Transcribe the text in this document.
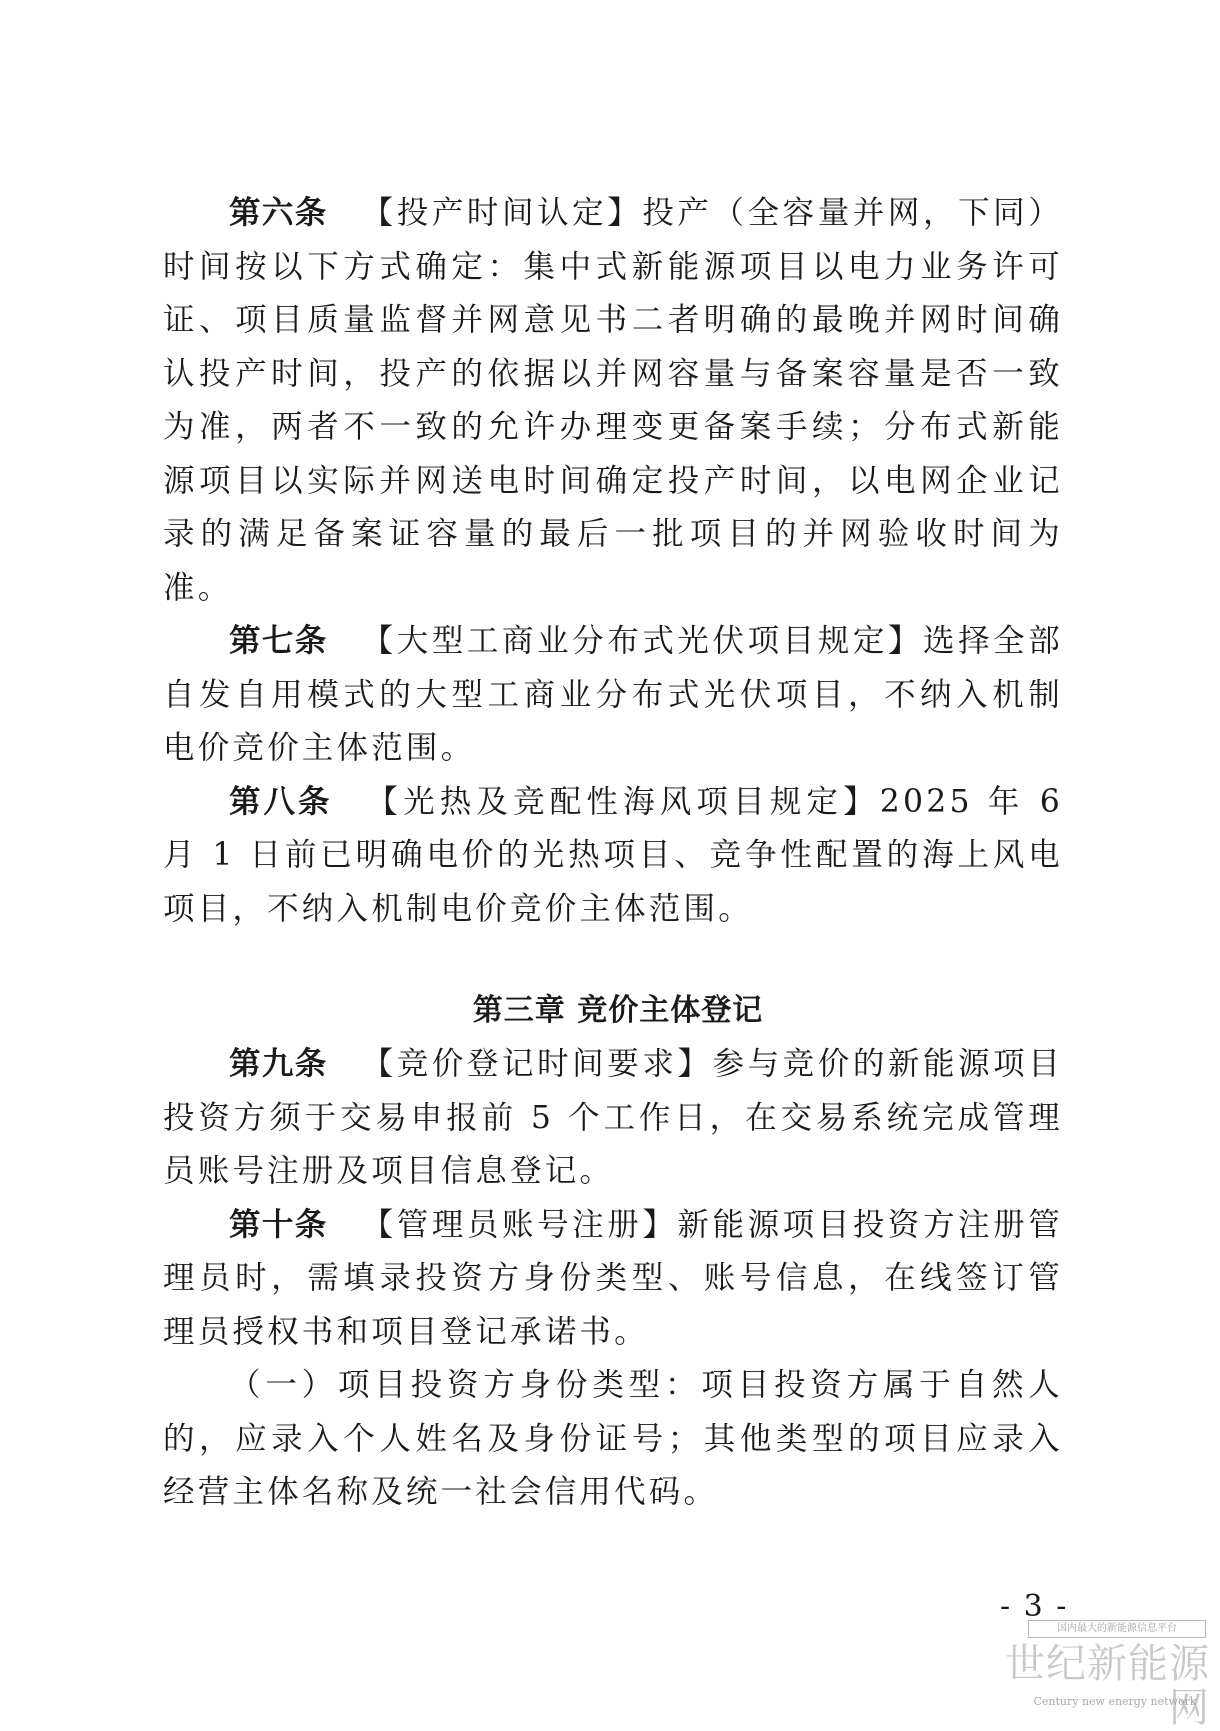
第六条 【投产时间认定】投产（全容量并网，下同）时间按以下方式确定：集中式新能源项目以电力业务许可证、项目质量监督并网意见书二者明确的最晚并网时间确认投产时间，投产的依据以并网容量与备案容量是否一致为准，两者不一致的允许办理变更备案手续；分布式新能源项目以实际并网送电时间确定投产时间，以电网企业记录的满足备案证容量的最后一批项目的并网验收时间为准。

第七条 【大型工商业分布式光伏项目规定】选择全部自发自用模式的大型工商业分布式光伏项目，不纳入机制电价竞价主体范围。

第八条 【光热及竞配性海风项目规定】2025 年 6 月 1 日前已明确电价的光热项目、竞争性配置的海上风电项目，不纳入机制电价竞价主体范围。

第三章 竞价主体登记

第九条 【竞价登记时间要求】参与竞价的新能源项目投资方须于交易申报前 5 个工作日，在交易系统完成管理员账号注册及项目信息登记。

第十条 【管理员账号注册】新能源项目投资方注册管理员时，需填录投资方身份类型、账号信息，在线签订管理员授权书和项目登记承诺书。

（一）项目投资方身份类型：项目投资方属于自然人的，应录入个人姓名及身份证号；其他类型的项目应录入经营主体名称及统一社会信用代码。

- 3 -
国内最大的新能源信息平台
世纪新能源网
Century new energy network
